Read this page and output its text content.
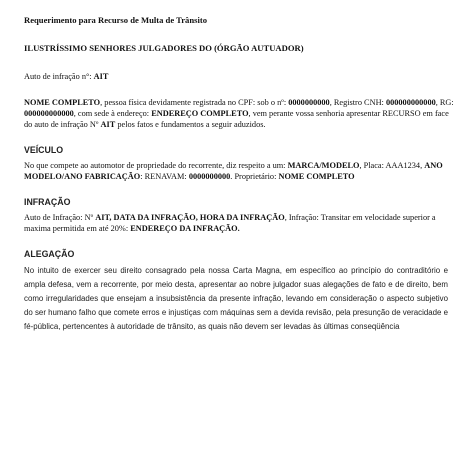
Requerimento para Recurso de Multa de Trânsito

ILUSTRÍSSIMO SENHORES JULGADORES DO (ÓRGÃO AUTUADOR)

Auto de infração n°: AIT

NOME COMPLETO, pessoa física devidamente registrada no CPF: sob o nº: 0000000000, Registro CNH: 000000000000, RG: 000000000000, com sede à endereço: ENDEREÇO COMPLETO, vem perante vossa senhoria apresentar RECURSO em face do auto de infração Nº AIT pelos fatos e fundamentos a seguir aduzidos.

VEÍCULO

No que compete ao automotor de propriedade do recorrente, diz respeito a um: MARCA/MODELO, Placa: AAA1234, ANO MODELO/ANO FABRICAÇÃO: RENAVAM: 0000000000. Proprietário: NOME COMPLETO

INFRAÇÃO

Auto de Infração: Nº AIT, DATA DA INFRAÇÃO, HORA DA INFRAÇÃO, Infração: Transitar em velocidade superior a maxima permitida em até 20%: ENDEREÇO DA INFRAÇÃO.

ALEGAÇÃO

No intuito de exercer seu direito consagrado pela nossa Carta Magna, em específico ao princípio do contraditório e ampla defesa, vem a recorrente, por meio desta, apresentar ao nobre julgador suas alegações de fato e de direito, bem como irregularidades que ensejam a insubsistência da presente infração, levando em consideração o aspecto subjetivo do ser humano falho que comete erros e injustiças com máquinas sem a devida revisão, pela presunção de veracidade e fé-pública, pertencentes à autoridade de trânsito, as quais não devem ser levadas às últimas conseqüência
